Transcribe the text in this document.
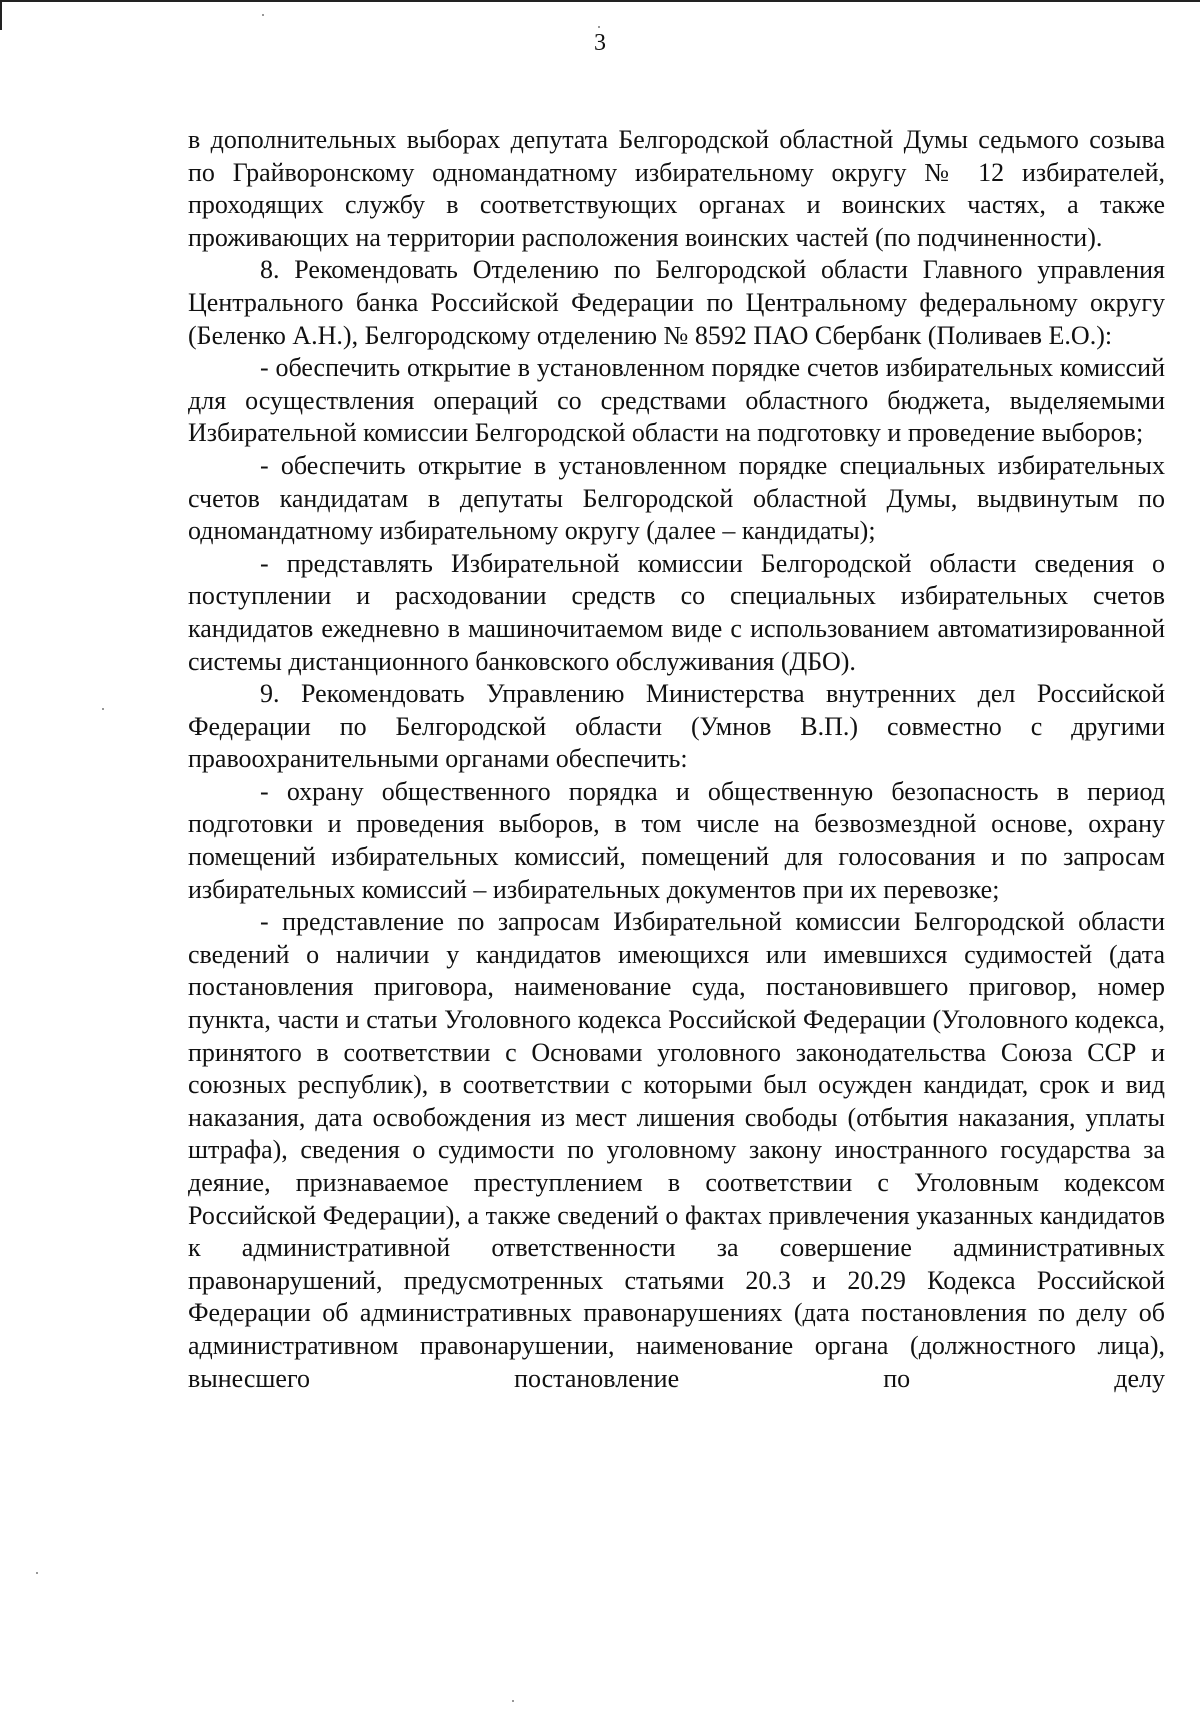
3

в дополнительных выборах депутата Белгородской областной Думы седьмого созыва по Грайворонскому одномандатному избирательному округу № 12 избирателей, проходящих службу в соответствующих органах и воинских частях, а также проживающих на территории расположения воинских частей (по подчиненности).

8. Рекомендовать Отделению по Белгородской области Главного управления Центрального банка Российской Федерации по Центральному федеральному округу (Беленко А.Н.), Белгородскому отделению № 8592 ПАО Сбербанк (Поливаев Е.О.):

- обеспечить открытие в установленном порядке счетов избирательных комиссий для осуществления операций со средствами областного бюджета, выделяемыми Избирательной комиссии Белгородской области на подготовку и проведение выборов;

- обеспечить открытие в установленном порядке специальных избирательных счетов кандидатам в депутаты Белгородской областной Думы, выдвинутым по одномандатному избирательному округу (далее – кандидаты);

- представлять Избирательной комиссии Белгородской области сведения о поступлении и расходовании средств со специальных избирательных счетов кандидатов ежедневно в машиночитаемом виде с использованием автоматизированной системы дистанционного банковского обслуживания (ДБО).

9. Рекомендовать Управлению Министерства внутренних дел Российской Федерации по Белгородской области (Умнов В.П.) совместно с другими правоохранительными органами обеспечить:

- охрану общественного порядка и общественную безопасность в период подготовки и проведения выборов, в том числе на безвозмездной основе, охрану помещений избирательных комиссий, помещений для голосования и по запросам избирательных комиссий – избирательных документов при их перевозке;

- представление по запросам Избирательной комиссии Белгородской области сведений о наличии у кандидатов имеющихся или имевшихся судимостей (дата постановления приговора, наименование суда, постановившего приговор, номер пункта, части и статьи Уголовного кодекса Российской Федерации (Уголовного кодекса, принятого в соответствии с Основами уголовного законодательства Союза ССР и союзных республик), в соответствии с которыми был осужден кандидат, срок и вид наказания, дата освобождения из мест лишения свободы (отбытия наказания, уплаты штрафа), сведения о судимости по уголовному закону иностранного государства за деяние, признаваемое преступлением в соответствии с Уголовным кодексом Российской Федерации), а также сведений о фактах привлечения указанных кандидатов к административной ответственности за совершение административных правонарушений, предусмотренных статьями 20.3 и 20.29 Кодекса Российской Федерации об административных правонарушениях (дата постановления по делу об административном правонарушении, наименование органа (должностного лица), вынесшего постановление по делу
